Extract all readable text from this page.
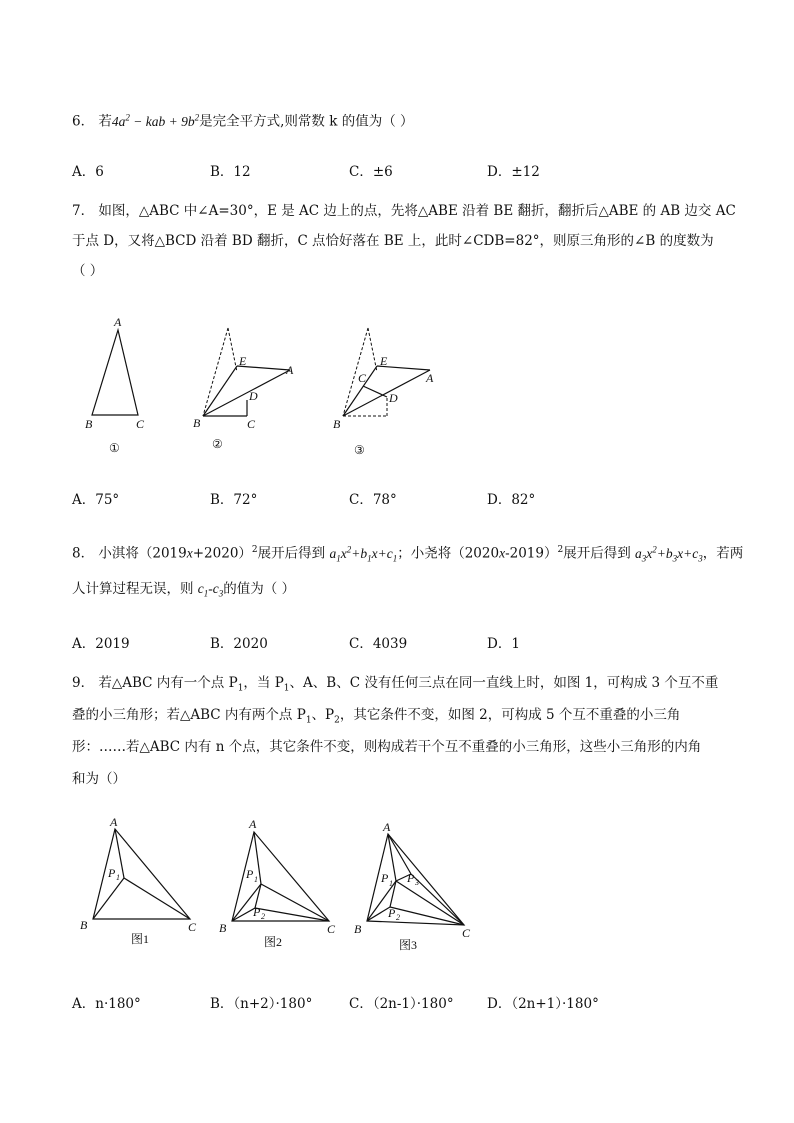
6． 若$4a^2$ − kab + $9b^2$是完全平方式,则常数 k 的值为（ ）
A．6	B．12	C．±6	D．±12
7． 如图，△ABC 中∠A=30°，E 是 AC 边上的点，先将△ABE 沿着 BE 翻折，翻折后△ABE 的 AB 边交 AC
于点 D，又将△BCD 沿着 BD 翻折，C 点恰好落在 BE 上，此时∠CDB=82°，则原三角形的∠B 的度数为
（ ）
A
B	C
①
E
A
D
B	C
②
E
A
C
D
B
③
A．75°	B．72°	C．78°	D．82°
8． 小淇将$(2019x+2020)^2$展开后得到 $a_1x^2+b_1x+c_1$；小尧将$(2020x-2019)^2$展开后得到 $a_3x^2+b_3x+c_3$，若两
人计算过程无误，则 $c_1-c_3$的值为（ ）
A．2019	B．2020	C．4039	D．1
9． 若△ABC 内有一个点 $P_1$，当 $P_1$、A、B、C 没有任何三点在同一直线上时，如图 1，可构成 3 个互不重
叠的小三角形；若△ABC 内有两个点 $P_1$、$P_2$，其它条件不变，如图 2，可构成 5 个互不重叠的小三角
形：……若△ABC 内有 n 个点，其它条件不变，则构成若干个互不重叠的小三角形，这些小三角形的内角
和为（）
A
P 1
B	C
图1
A
P 1
P 2
B	C
图2
A
P 1 P 3
P 2
B	C
图3
A．n·180°	B．（n+2）·180°	C．（2n-1）·180° D．（2n+1）·180°
